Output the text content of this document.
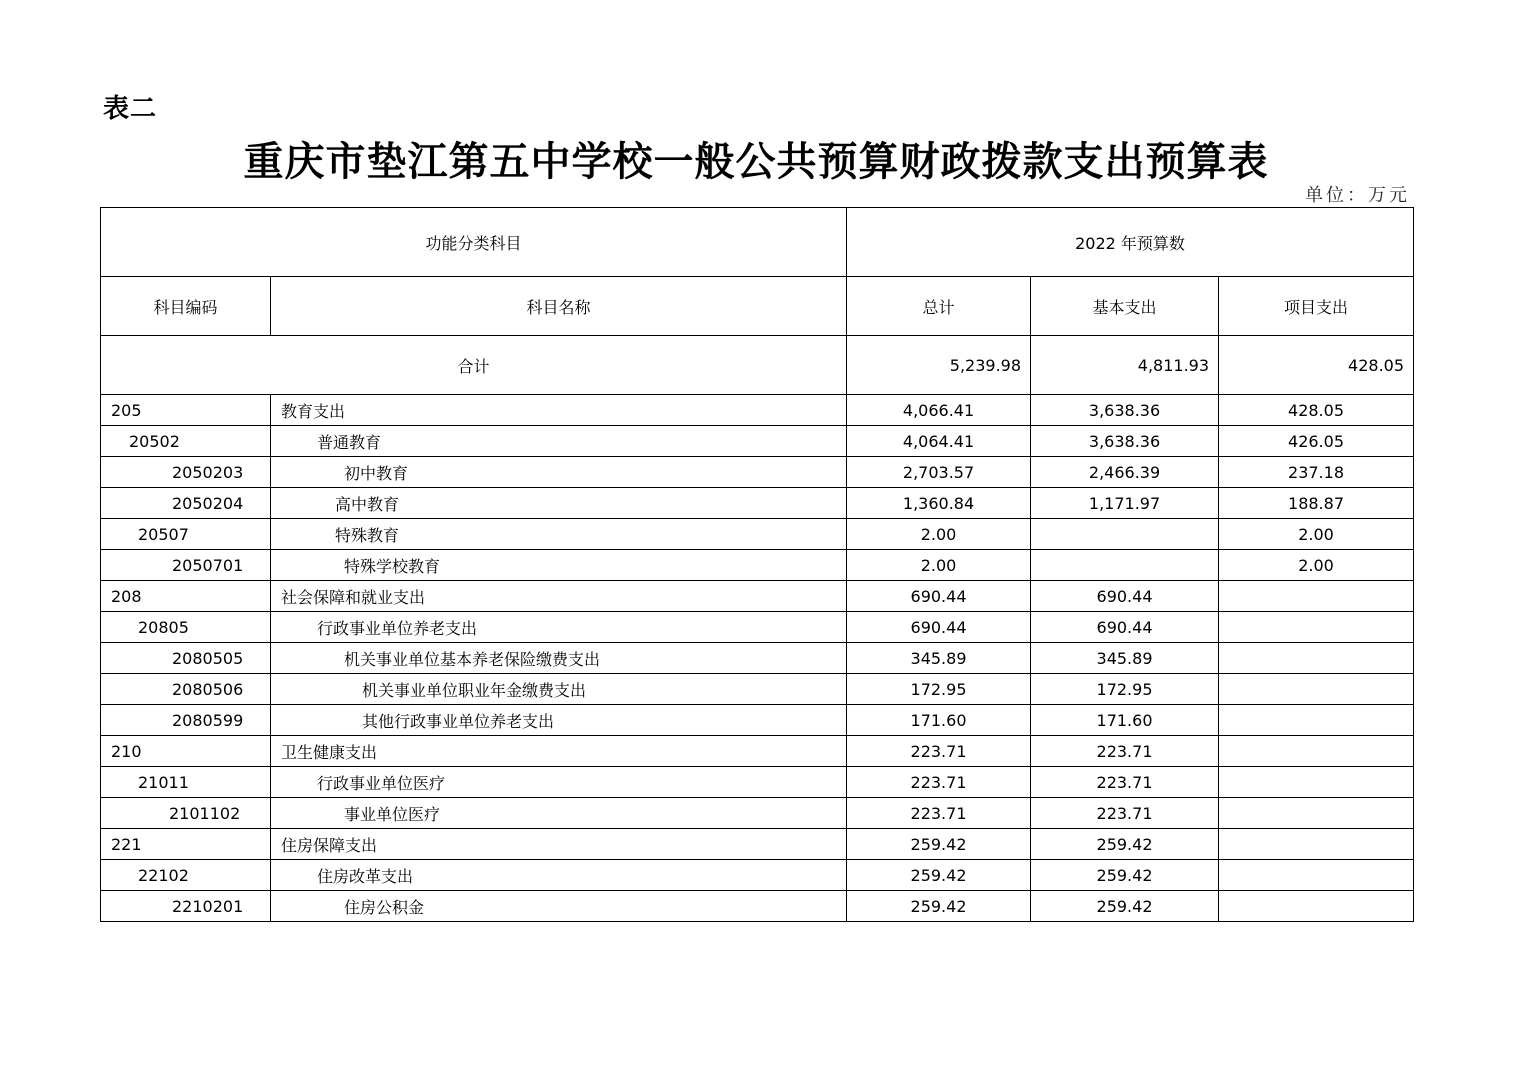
表二
重庆市垫江第五中学校一般公共预算财政拨款支出预算表
单位：万元
功能分类科目		2022 年预算数		
科目编码	科目名称	总计	基本支出	项目支出
合计		5,239.98	4,811.93	428.05
205	教育支出	4,066.41	3,638.36	428.05
20502	普通教育	4,064.41	3,638.36	426.05
2050203	初中教育	2,703.57	2,466.39	237.18
2050204	高中教育	1,360.84	1,171.97	188.87
20507	特殊教育	2.00		2.00
2050701	特殊学校教育	2.00		2.00
208	社会保障和就业支出	690.44	690.44	
20805	行政事业单位养老支出	690.44	690.44	
2080505	机关事业单位基本养老保险缴费支出	345.89	345.89	
2080506	机关事业单位职业年金缴费支出	172.95	172.95	
2080599	其他行政事业单位养老支出	171.60	171.60	
210	卫生健康支出	223.71	223.71	
21011	行政事业单位医疗	223.71	223.71	
2101102	事业单位医疗	223.71	223.71	
221	住房保障支出	259.42	259.42	
22102	住房改革支出	259.42	259.42	
2210201	住房公积金	259.42	259.42	
